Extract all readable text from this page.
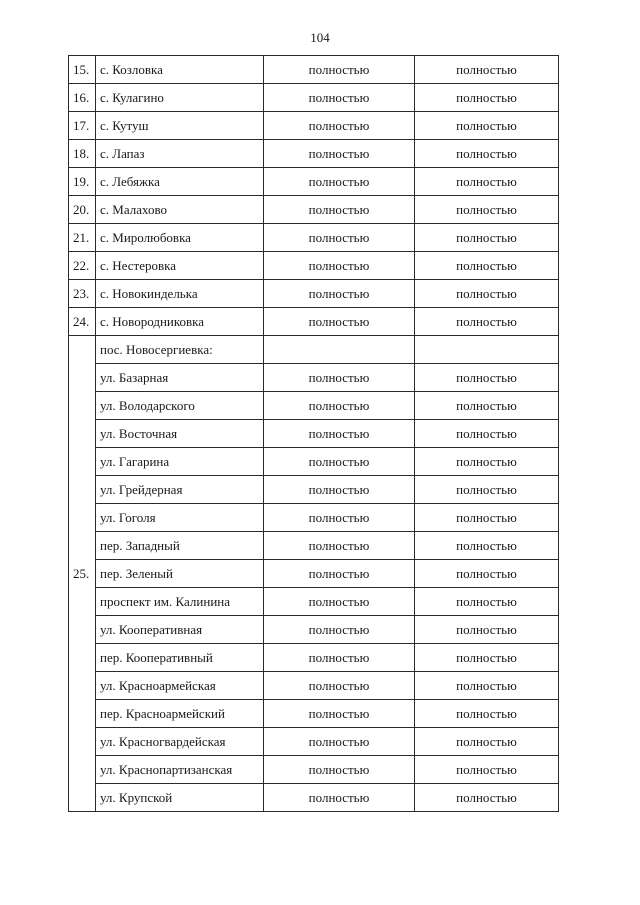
104
15.	с. Козловка	полностью	полностью
16.	с. Кулагино	полностью	полностью
17.	с. Кутуш	полностью	полностью
18.	с. Лапаз	полностью	полностью
19.	с. Лебяжка	полностью	полностью
20.	с. Малахово	полностью	полностью
21.	с. Миролюбовка	полностью	полностью
22.	с. Нестеровка	полностью	полностью
23.	с. Новокинделька	полностью	полностью
24.	с. Новородниковка	полностью	полностью
25.	пос. Новосергиевка:		
	ул. Базарная	полностью	полностью
	ул. Володарского	полностью	полностью
	ул. Восточная	полностью	полностью
	ул. Гагарина	полностью	полностью
	ул. Грейдерная	полностью	полностью
	ул. Гоголя	полностью	полностью
	пер. Западный	полностью	полностью
	пер. Зеленый	полностью	полностью
	проспект им. Калинина	полностью	полностью
	ул. Кооперативная	полностью	полностью
	пер. Кооперативный	полностью	полностью
	ул. Красноармейская	полностью	полностью
	пер. Красноармейский	полностью	полностью
	ул. Красногвардейская	полностью	полностью
	ул. Краснопартизанская	полностью	полностью
	ул. Крупской	полностью	полностью
